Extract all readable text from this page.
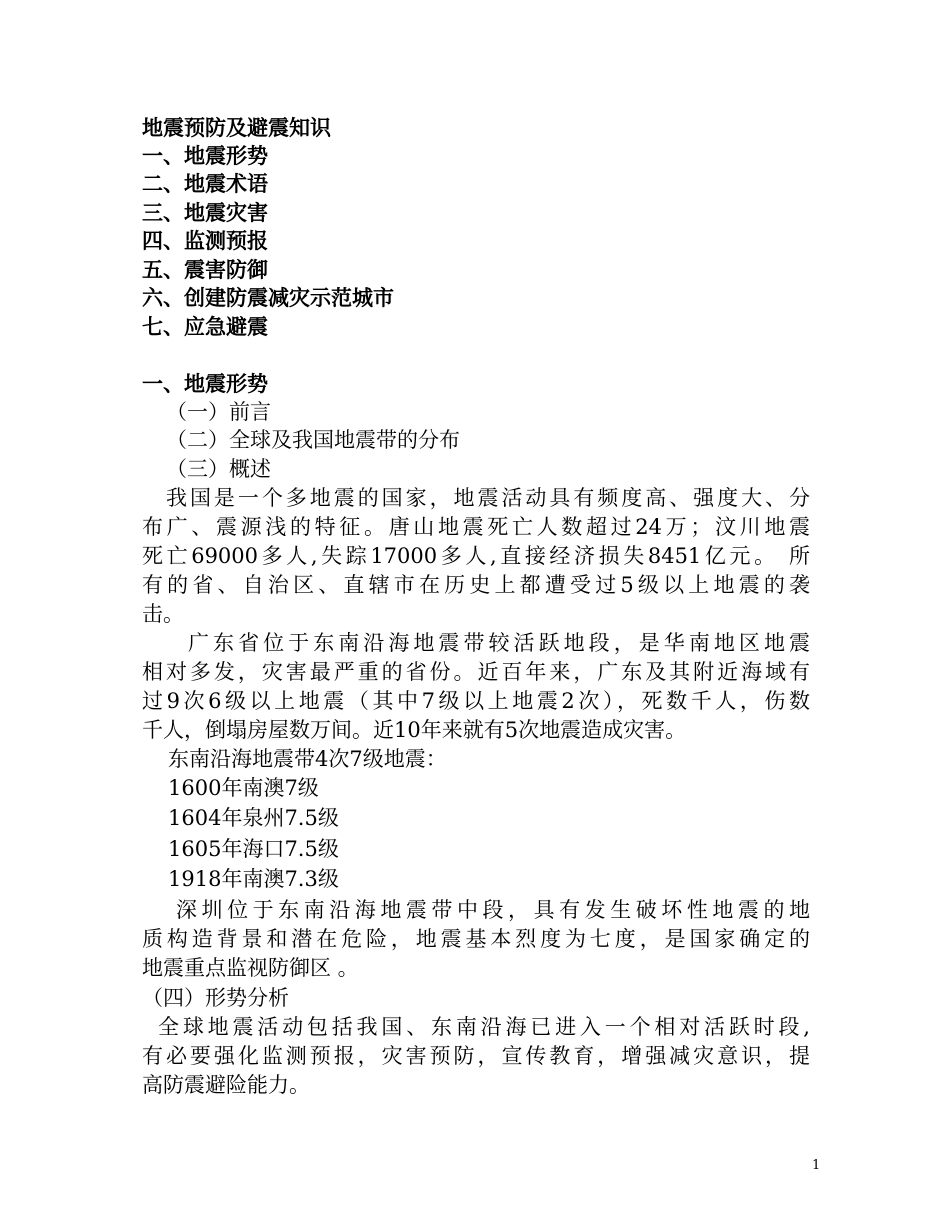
地震预防及避震知识
一、地震形势
二、地震术语
三、地震灾害
四、监测预报
五、震害防御
六、创建防震减灾示范城市
七、应急避震
一、地震形势
（一）前言
（二）全球及我国地震带的分布
（三）概述
我国是一个多地震的国家，地震活动具有频度高、强度大、分
布广、震源浅的特征。唐山地震死亡人数超过24万；汶川地震
死亡69000多人,失踪17000多人,直接经济损失8451亿元。 所
有的省、自治区、直辖市在历史上都遭受过5级以上地震的袭
击。
广东省位于东南沿海地震带较活跃地段，是华南地区地震
相对多发，灾害最严重的省份。近百年来，广东及其附近海域有
过9次6级以上地震（其中7级以上地震2次），死数千人，伤数
千人，倒塌房屋数万间。近10年来就有5次地震造成灾害。
东南沿海地震带4次7级地震：
1600年南澳7级
1604年泉州7.5级
1605年海口7.5级
1918年南澳7.3级
深圳位于东南沿海地震带中段，具有发生破坏性地震的地
质构造背景和潜在危险，地震基本烈度为七度，是国家确定的
地震重点监视防御区 。
（四）形势分析
全球地震活动包括我国、东南沿海已进入一个相对活跃时段,
有必要强化监测预报，灾害预防，宣传教育，增强减灾意识，提
高防震避险能力。
1
